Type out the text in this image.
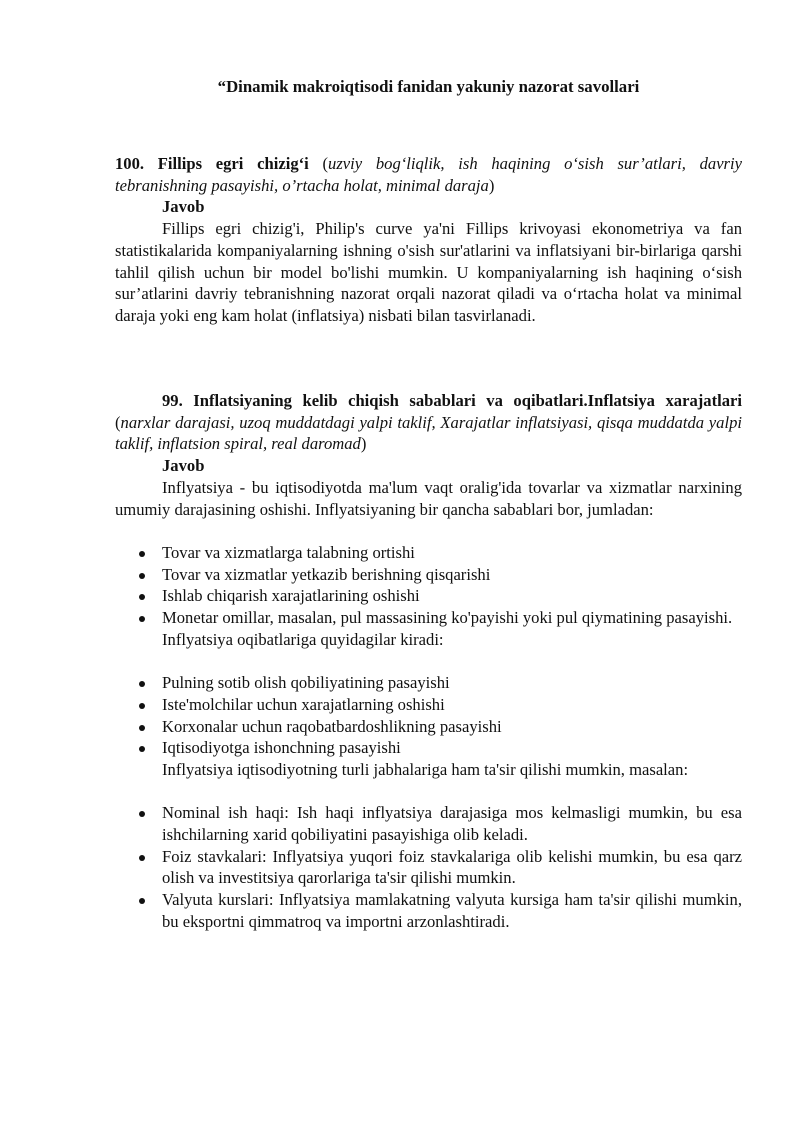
“Dinamik makroiqtisodi fanidan yakuniy nazorat savollari

100. Fillips egri chizig‘i (uzviy bog‘liqlik, ish haqining o‘sish sur’atlari, davriy tebranishning pasayishi, o’rtacha holat, minimal daraja)

Javob

Fillips egri chizig'i, Philip's curve ya'ni Fillips krivoyasi ekonometriya va fan statistikalarida kompaniyalarning ishning o'sish sur'atlarini va inflatsiyani bir-birlariga qarshi tahlil qilish uchun bir model bo'lishi mumkin. U kompaniyalarning ish haqining o‘sish sur’atlarini davriy tebranishning nazorat orqali nazorat qiladi va o‘rtacha holat va minimal daraja yoki eng kam holat (inflatsiya) nisbati bilan tasvirlanadi.

99. Inflatsiyaning kelib chiqish sabablari va oqibatlari.Inflatsiya xarajatlari (narxlar darajasi, uzoq muddatdagi yalpi taklif, Xarajatlar inflatsiyasi, qisqa muddatda yalpi taklif, inflatsion spiral, real daromad)

Javob

Inflyatsiya - bu iqtisodiyotda ma'lum vaqt oralig'ida tovarlar va xizmatlar narxining umumiy darajasining oshishi. Inflyatsiyaning bir qancha sabablari bor, jumladan:

Tovar va xizmatlarga talabning ortishi
Tovar va xizmatlar yetkazib berishning qisqarishi
Ishlab chiqarish xarajatlarining oshishi
Monetar omillar, masalan, pul massasining ko'payishi yoki pul qiymatining pasayishi.

Inflyatsiya oqibatlariga quyidagilar kiradi:

Pulning sotib olish qobiliyatining pasayishi
Iste'molchilar uchun xarajatlarning oshishi
Korxonalar uchun raqobatbardoshlikning pasayishi
Iqtisodiyotga ishonchning pasayishi

Inflyatsiya iqtisodiyotning turli jabhalariga ham ta'sir qilishi mumkin, masalan:

Nominal ish haqi: Ish haqi inflyatsiya darajasiga mos kelmasligi mumkin, bu esa ishchilarning xarid qobiliyatini pasayishiga olib keladi.
Foiz stavkalari: Inflyatsiya yuqori foiz stavkalariga olib kelishi mumkin, bu esa qarz olish va investitsiya qarorlariga ta'sir qilishi mumkin.
Valyuta kurslari: Inflyatsiya mamlakatning valyuta kursiga ham ta'sir qilishi mumkin, bu eksportni qimmatroq va importni arzonlashtiradi.
